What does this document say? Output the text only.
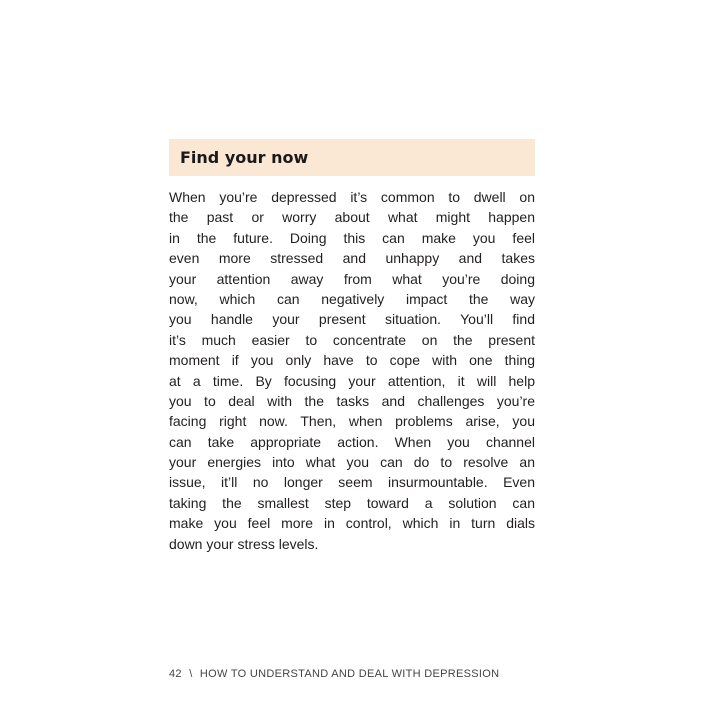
Find your now
When you’re depressed it’s common to dwell on
the past or worry about what might happen
in the future. Doing this can make you feel
even more stressed and unhappy and takes
your attention away from what you’re doing
now, which can negatively impact the way
you handle your present situation. You’ll find
it’s much easier to concentrate on the present
moment if you only have to cope with one thing
at a time. By focusing your attention, it will help
you to deal with the tasks and challenges you’re
facing right now. Then, when problems arise, you
can take appropriate action. When you channel
your energies into what you can do to resolve an
issue, it’ll no longer seem insurmountable. Even
taking the smallest step toward a solution can
make you feel more in control, which in turn dials
down your stress levels.
42 \ HOW TO UNDERSTAND AND DEAL WITH DEPRESSION
